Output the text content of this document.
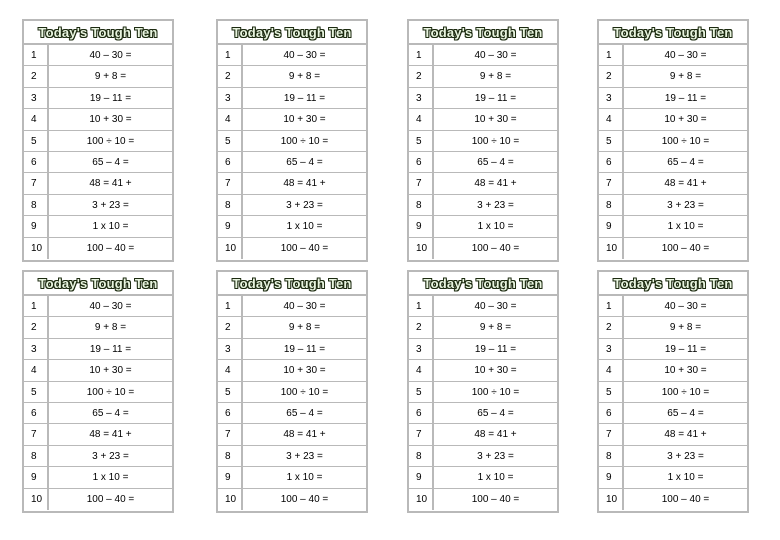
Today's Tough Ten
1	40 – 30 =
2	9 + 8 =
3	19 – 11 =
4	10 + 30 =
5	100 ÷ 10 =
6	65 – 4 =
7	48 = 41 +
8	3 + 23 =
9	1 x 10 =
10	100 – 40 =
Today's Tough Ten
1	40 – 30 =
2	9 + 8 =
3	19 – 11 =
4	10 + 30 =
5	100 ÷ 10 =
6	65 – 4 =
7	48 = 41 +
8	3 + 23 =
9	1 x 10 =
10	100 – 40 =
Today's Tough Ten
1	40 – 30 =
2	9 + 8 =
3	19 – 11 =
4	10 + 30 =
5	100 ÷ 10 =
6	65 – 4 =
7	48 = 41 +
8	3 + 23 =
9	1 x 10 =
10	100 – 40 =
Today's Tough Ten
1	40 – 30 =
2	9 + 8 =
3	19 – 11 =
4	10 + 30 =
5	100 ÷ 10 =
6	65 – 4 =
7	48 = 41 +
8	3 + 23 =
9	1 x 10 =
10	100 – 40 =
Today's Tough Ten
1	40 – 30 =
2	9 + 8 =
3	19 – 11 =
4	10 + 30 =
5	100 ÷ 10 =
6	65 – 4 =
7	48 = 41 +
8	3 + 23 =
9	1 x 10 =
10	100 – 40 =
Today's Tough Ten
1	40 – 30 =
2	9 + 8 =
3	19 – 11 =
4	10 + 30 =
5	100 ÷ 10 =
6	65 – 4 =
7	48 = 41 +
8	3 + 23 =
9	1 x 10 =
10	100 – 40 =
Today's Tough Ten
1	40 – 30 =
2	9 + 8 =
3	19 – 11 =
4	10 + 30 =
5	100 ÷ 10 =
6	65 – 4 =
7	48 = 41 +
8	3 + 23 =
9	1 x 10 =
10	100 – 40 =
Today's Tough Ten
1	40 – 30 =
2	9 + 8 =
3	19 – 11 =
4	10 + 30 =
5	100 ÷ 10 =
6	65 – 4 =
7	48 = 41 +
8	3 + 23 =
9	1 x 10 =
10	100 – 40 =
